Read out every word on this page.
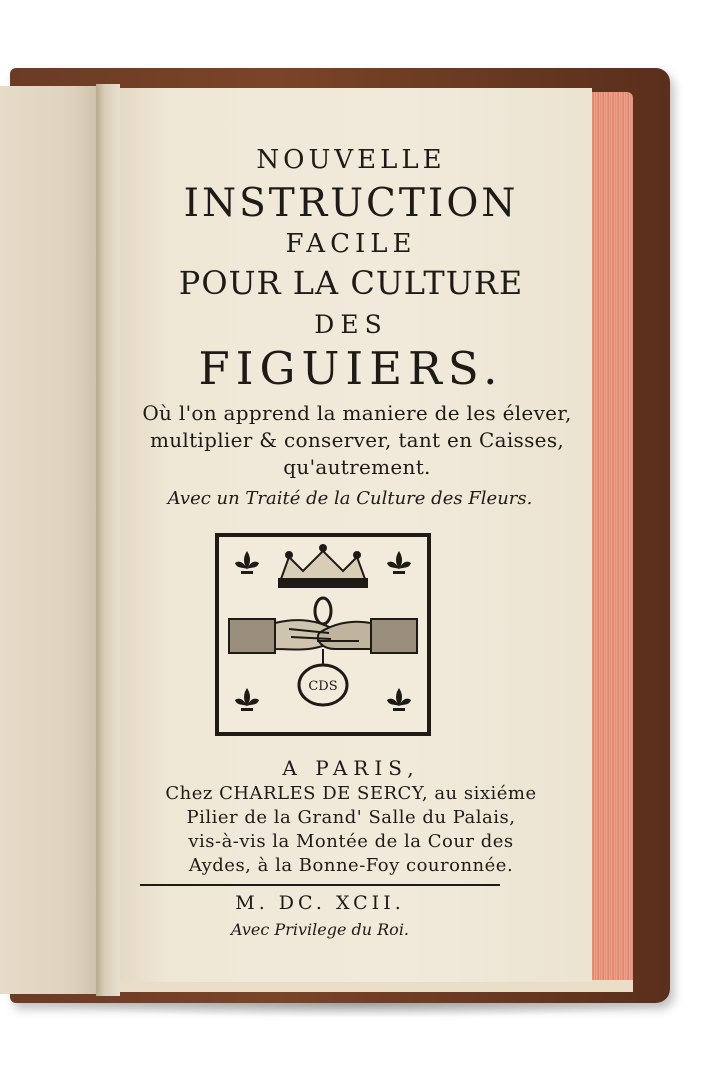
NOUVELLE
INSTRUCTION
FACILE
POUR LA CULTURE
DES
FIGUIERS.
Où l'on apprend la maniere de les élever, multiplier & conserver, tant en Caisses, qu'autrement.
Avec un Traité de la Culture des Fleurs.
CDS
A PARIS,
Chez CHARLES DE SERCY, au sixiéme
Pilier de la Grand' Salle du Palais,
vis-à-vis la Montée de la Cour des
Aydes, à la Bonne-Foy couronnée.
M. DC. XCII.
Avec Privilege du Roi.
